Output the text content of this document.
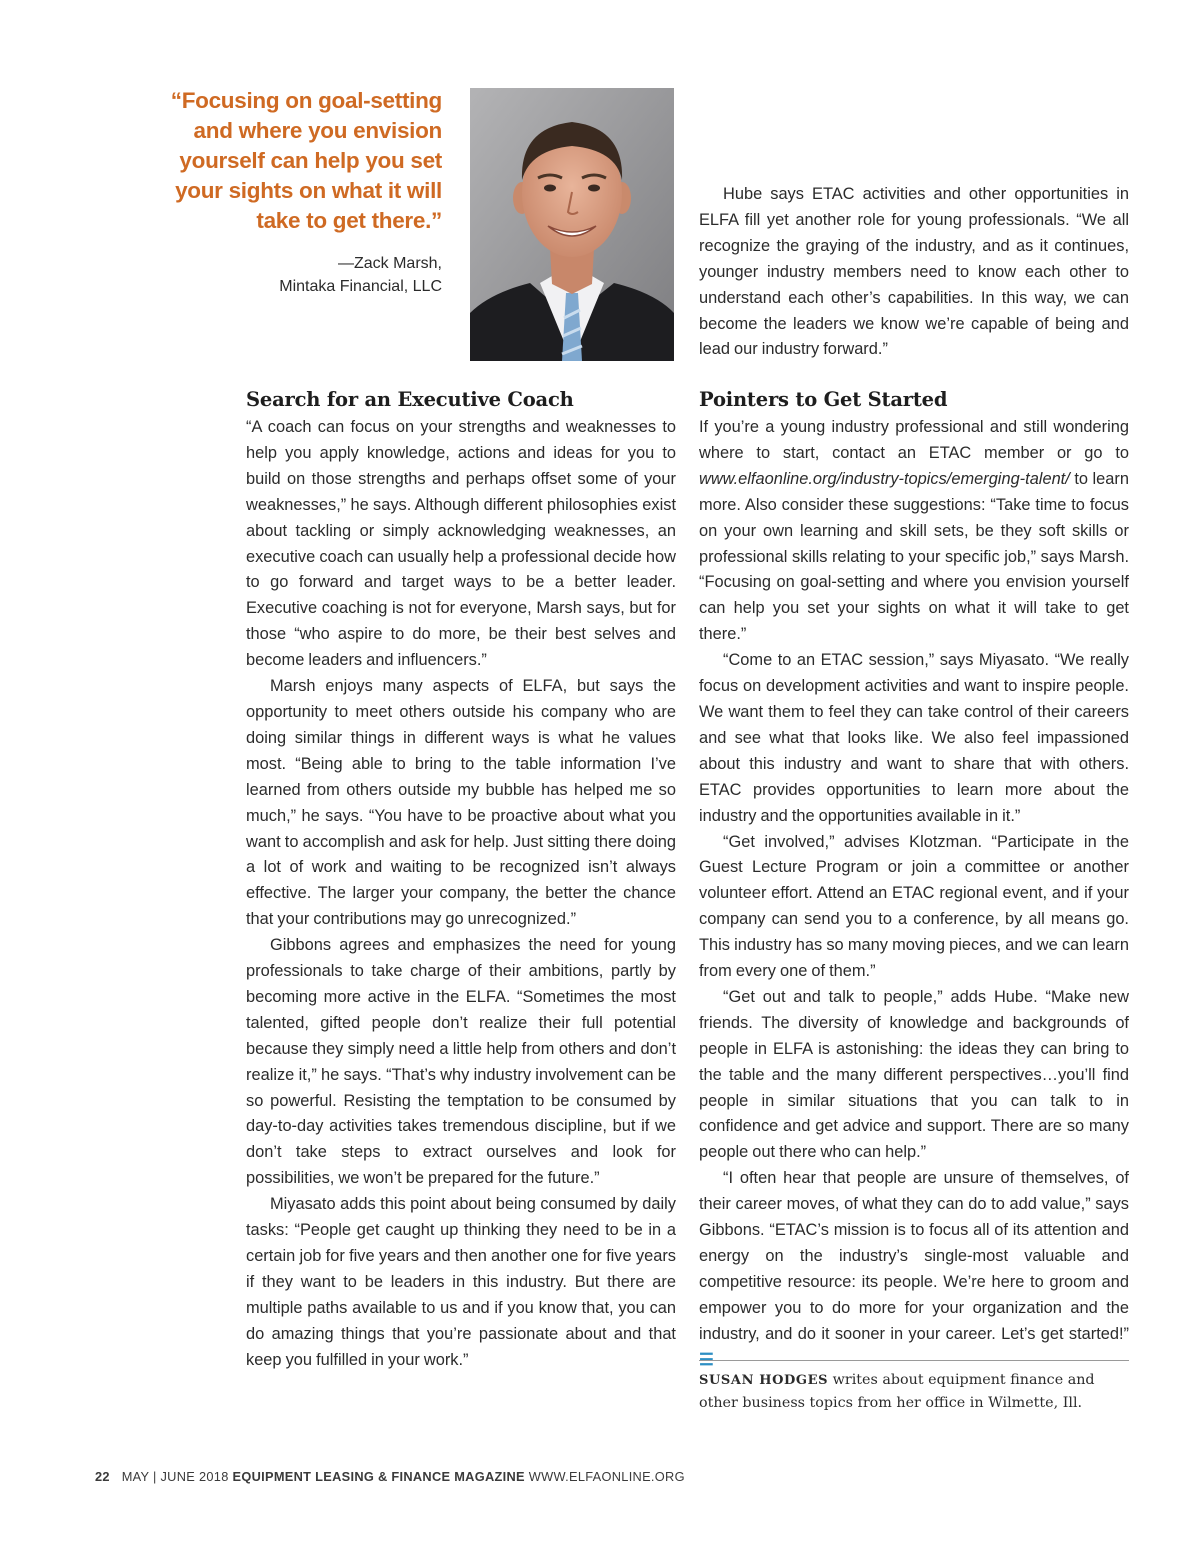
“Focusing on goal-setting and where you envision yourself can help you set your sights on what it will take to get there.”
—Zack Marsh,
Mintaka Financial, LLC

Hube says ETAC activities and other opportunities in ELFA fill yet another role for young professionals. “We all recognize the graying of the industry, and as it continues, younger industry members need to know each other to understand each other’s capabilities. In this way, we can become the leaders we know we’re capable of being and lead our industry forward.”

Search for an Executive Coach

“A coach can focus on your strengths and weaknesses to help you apply knowledge, actions and ideas for you to build on those strengths and perhaps offset some of your weaknesses,” he says. Although different philosophies exist about tackling or simply acknowledging weaknesses, an executive coach can usually help a professional decide how to go forward and target ways to be a better leader. Executive coaching is not for everyone, Marsh says, but for those “who aspire to do more, be their best selves and become leaders and influencers.”

Marsh enjoys many aspects of ELFA, but says the opportunity to meet others outside his company who are doing similar things in different ways is what he values most. “Being able to bring to the table information I’ve learned from others outside my bubble has helped me so much,” he says. “You have to be proactive about what you want to accomplish and ask for help. Just sitting there doing a lot of work and waiting to be recognized isn’t always effective. The larger your company, the better the chance that your contributions may go unrecognized.”

Gibbons agrees and emphasizes the need for young professionals to take charge of their ambitions, partly by becoming more active in the ELFA. “Sometimes the most talented, gifted people don’t realize their full potential because they simply need a little help from others and don’t realize it,” he says. “That’s why industry involvement can be so powerful. Resisting the temptation to be consumed by day-to-day activities takes tremendous discipline, but if we don’t take steps to extract ourselves and look for possibilities, we won’t be prepared for the future.”

Miyasato adds this point about being consumed by daily tasks: “People get caught up thinking they need to be in a certain job for five years and then another one for five years if they want to be leaders in this industry. But there are multiple paths available to us and if you know that, you can do amazing things that you’re passionate about and that keep you fulfilled in your work.”

Pointers to Get Started

If you’re a young industry professional and still wondering where to start, contact an ETAC member or go to www.elfaonline.org/industry-topics/emerging-talent/ to learn more. Also consider these suggestions: “Take time to focus on your own learning and skill sets, be they soft skills or professional skills relating to your specific job,” says Marsh. “Focusing on goal-setting and where you envision yourself can help you set your sights on what it will take to get there.”

“Come to an ETAC session,” says Miyasato. “We really focus on development activities and want to inspire people. We want them to feel they can take control of their careers and see what that looks like. We also feel impassioned about this industry and want to share that with others. ETAC provides opportunities to learn more about the industry and the opportunities available in it.”

“Get involved,” advises Klotzman. “Participate in the Guest Lecture Program or join a committee or another volunteer effort. Attend an ETAC regional event, and if your company can send you to a conference, by all means go. This industry has so many moving pieces, and we can learn from every one of them.”

“Get out and talk to people,” adds Hube. “Make new friends. The diversity of knowledge and backgrounds of people in ELFA is astonishing: the ideas they can bring to the table and the many different perspectives…you’ll find people in similar situations that you can talk to in confidence and get advice and support. There are so many people out there who can help.”

“I often hear that people are unsure of themselves, of their career moves, of what they can do to add value,” says Gibbons. “ETAC’s mission is to focus all of its attention and energy on the industry’s single-most valuable and competitive resource: its people. We’re here to groom and empower you to do more for your organization and the industry, and do it sooner in your career. Let’s get started!” ☰

SUSAN HODGES writes about equipment finance and other business topics from her office in Wilmette, Ill.
22 MAY | JUNE 2018 EQUIPMENT LEASING & FINANCE MAGAZINE WWW.ELFAONLINE.ORG
